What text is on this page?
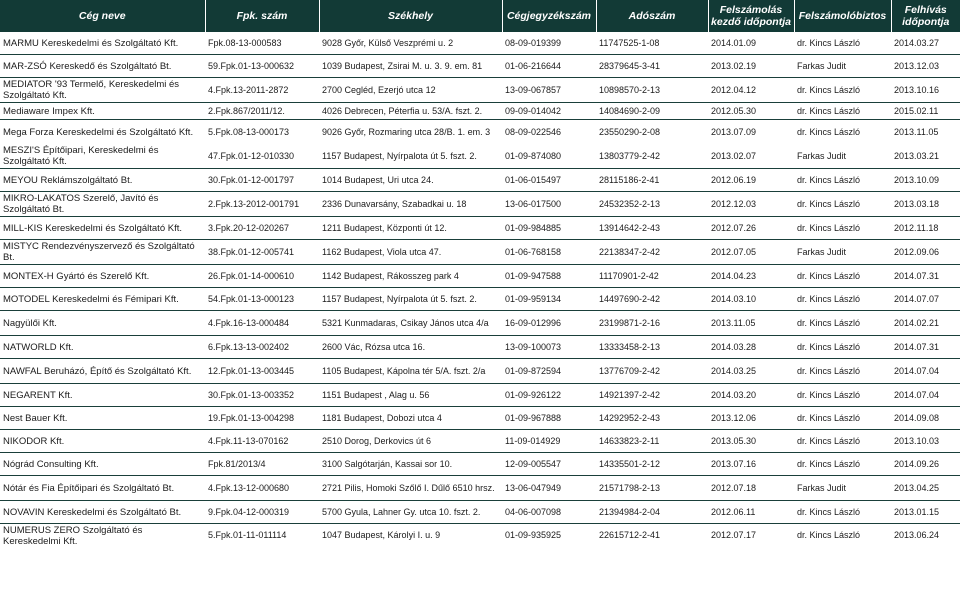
Cég neve	Fpk. szám	Székhely	Cégjegyzékszám	Adószám	Felszámolás kezdő időpontja	Felszámolóbiztos	Felhívás időpontja
MARMU Kereskedelmi és Szolgáltató Kft.	Fpk.08-13-000583	9028 Győr, Külső Veszprémi u. 2	08-09-019399	11747525-1-08	2014.01.09	dr. Kincs László	2014.03.27
MAR-ZSÓ Kereskedő és Szolgáltató Bt.	59.Fpk.01-13-000632	1039 Budapest, Zsirai M. u. 3. 9. em. 81	01-06-216644	28379645-3-41	2013.02.19	Farkas Judit	2013.12.03
MEDIATOR '93 Termelő, Kereskedelmi és Szolgáltató Kft.	4.Fpk.13-2011-2872	2700 Cegléd, Ezerjó utca 12	13-09-067857	10898570-2-13	2012.04.12	dr. Kincs László	2013.10.16
Mediaware Impex Kft.	2.Fpk.867/2011/12.	4026 Debrecen, Péterfia u. 53/A. fszt. 2.	09-09-014042	14084690-2-09	2012.05.30	dr. Kincs László	2015.02.11
Mega Forza Kereskedelmi és Szolgáltató Kft.	5.Fpk.08-13-000173	9026 Győr, Rozmaring utca 28/B. 1. em. 3	08-09-022546	23550290-2-08	2013.07.09	dr. Kincs László	2013.11.05
MESZI'S Építőipari, Kereskedelmi és Szolgáltató Kft.	47.Fpk.01-12-010330	1157 Budapest, Nyírpalota út 5. fszt. 2.	01-09-874080	13803779-2-42	2013.02.07	Farkas Judit	2013.03.21
MEYOU Reklámszolgáltató Bt.	30.Fpk.01-12-001797	1014 Budapest, Uri utca 24.	01-06-015497	28115186-2-41	2012.06.19	dr. Kincs László	2013.10.09
MIKRO-LAKATOS Szerelő, Javító és Szolgáltató Bt.	2.Fpk.13-2012-001791	2336 Dunavarsány, Szabadkai u. 18	13-06-017500	24532352-2-13	2012.12.03	dr. Kincs László	2013.03.18
MILL-KIS Kereskedelmi és Szolgáltató Kft.	3.Fpk.20-12-020267	1211 Budapest, Központi út 12.	01-09-984885	13914642-2-43	2012.07.26	dr. Kincs László	2012.11.18
MISTYC Rendezvényszervező és Szolgáltató Bt.	38.Fpk.01-12-005741	1162 Budapest, Viola utca 47.	01-06-768158	22138347-2-42	2012.07.05	Farkas Judit	2012.09.06
MONTEX-H Gyártó és Szerelő Kft.	26.Fpk.01-14-000610	1142 Budapest, Rákosszeg park 4	01-09-947588	11170901-2-42	2014.04.23	dr. Kincs László	2014.07.31
MOTODEL Kereskedelmi és Fémipari Kft.	54.Fpk.01-13-000123	1157 Budapest, Nyírpalota út 5. fszt. 2.	01-09-959134	14497690-2-42	2014.03.10	dr. Kincs László	2014.07.07
Nagyülői Kft.	4.Fpk.16-13-000484	5321 Kunmadaras, Csikay János utca 4/a	16-09-012996	23199871-2-16	2013.11.05	dr. Kincs László	2014.02.21
NATWORLD Kft.	6.Fpk.13-13-002402	2600 Vác, Rózsa utca 16.	13-09-100073	13333458-2-13	2014.03.28	dr. Kincs László	2014.07.31
NAWFAL Beruházó, Építő és Szolgáltató Kft.	12.Fpk.01-13-003445	1105 Budapest, Kápolna tér 5/A. fszt. 2/a	01-09-872594	13776709-2-42	2014.03.25	dr. Kincs László	2014.07.04
NEGARENT Kft.	30.Fpk.01-13-003352	1151 Budapest , Alag u. 56	01-09-926122	14921397-2-42	2014.03.20	dr. Kincs László	2014.07.04
Nest Bauer Kft.	19.Fpk.01-13-004298	1181 Budapest, Dobozi utca 4	01-09-967888	14292952-2-43	2013.12.06	dr. Kincs László	2014.09.08
NIKODOR Kft.	4.Fpk.11-13-070162	2510 Dorog, Derkovics út 6	11-09-014929	14633823-2-11	2013.05.30	dr. Kincs László	2013.10.03
Nógrád Consulting Kft.	Fpk.81/2013/4	3100 Salgótarján, Kassai sor 10.	12-09-005547	14335501-2-12	2013.07.16	dr. Kincs László	2014.09.26
Nótár és Fia Építőipari és Szolgáltató Bt.	4.Fpk.13-12-000680	2721 Pilis, Homoki Szőlő I. Dűlő 6510 hrsz.	13-06-047949	21571798-2-13	2012.07.18	Farkas Judit	2013.04.25
NOVAVIN Kereskedelmi és Szolgáltató Bt.	9.Fpk.04-12-000319	5700 Gyula, Lahner Gy. utca 10. fszt. 2.	04-06-007098	21394984-2-04	2012.06.11	dr. Kincs László	2013.01.15
NUMERUS ZERO Szolgáltató és Kereskedelmi Kft.	5.Fpk.01-11-011114	1047 Budapest, Károlyi I. u. 9	01-09-935925	22615712-2-41	2012.07.17	dr. Kincs László	2013.06.24
